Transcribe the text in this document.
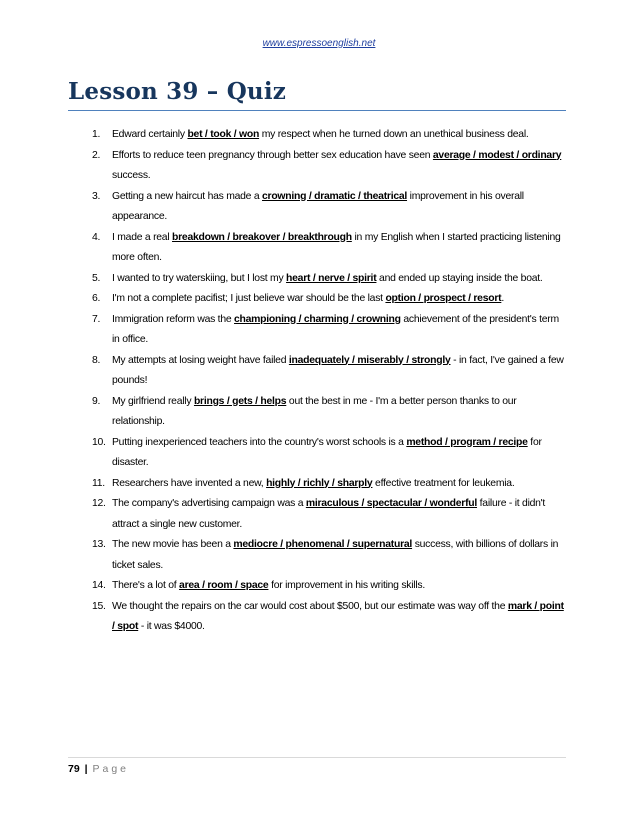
www.espressoenglish.net
Lesson 39 – Quiz
1. Edward certainly bet / took / won my respect when he turned down an unethical business deal.
2. Efforts to reduce teen pregnancy through better sex education have seen average / modest / ordinary success.
3. Getting a new haircut has made a crowning / dramatic / theatrical improvement in his overall appearance.
4. I made a real breakdown / breakover / breakthrough in my English when I started practicing listening more often.
5. I wanted to try waterskiing, but I lost my heart / nerve / spirit and ended up staying inside the boat.
6. I'm not a complete pacifist; I just believe war should be the last option / prospect / resort.
7. Immigration reform was the championing / charming / crowning achievement of the president's term in office.
8. My attempts at losing weight have failed inadequately / miserably / strongly - in fact, I've gained a few pounds!
9. My girlfriend really brings / gets / helps out the best in me - I'm a better person thanks to our relationship.
10. Putting inexperienced teachers into the country's worst schools is a method / program / recipe for disaster.
11. Researchers have invented a new, highly / richly / sharply effective treatment for leukemia.
12. The company's advertising campaign was a miraculous / spectacular / wonderful failure - it didn't attract a single new customer.
13. The new movie has been a mediocre / phenomenal / supernatural success, with billions of dollars in ticket sales.
14. There's a lot of area / room / space for improvement in his writing skills.
15. We thought the repairs on the car would cost about $500, but our estimate was way off the mark / point / spot - it was $4000.
79 | Page
